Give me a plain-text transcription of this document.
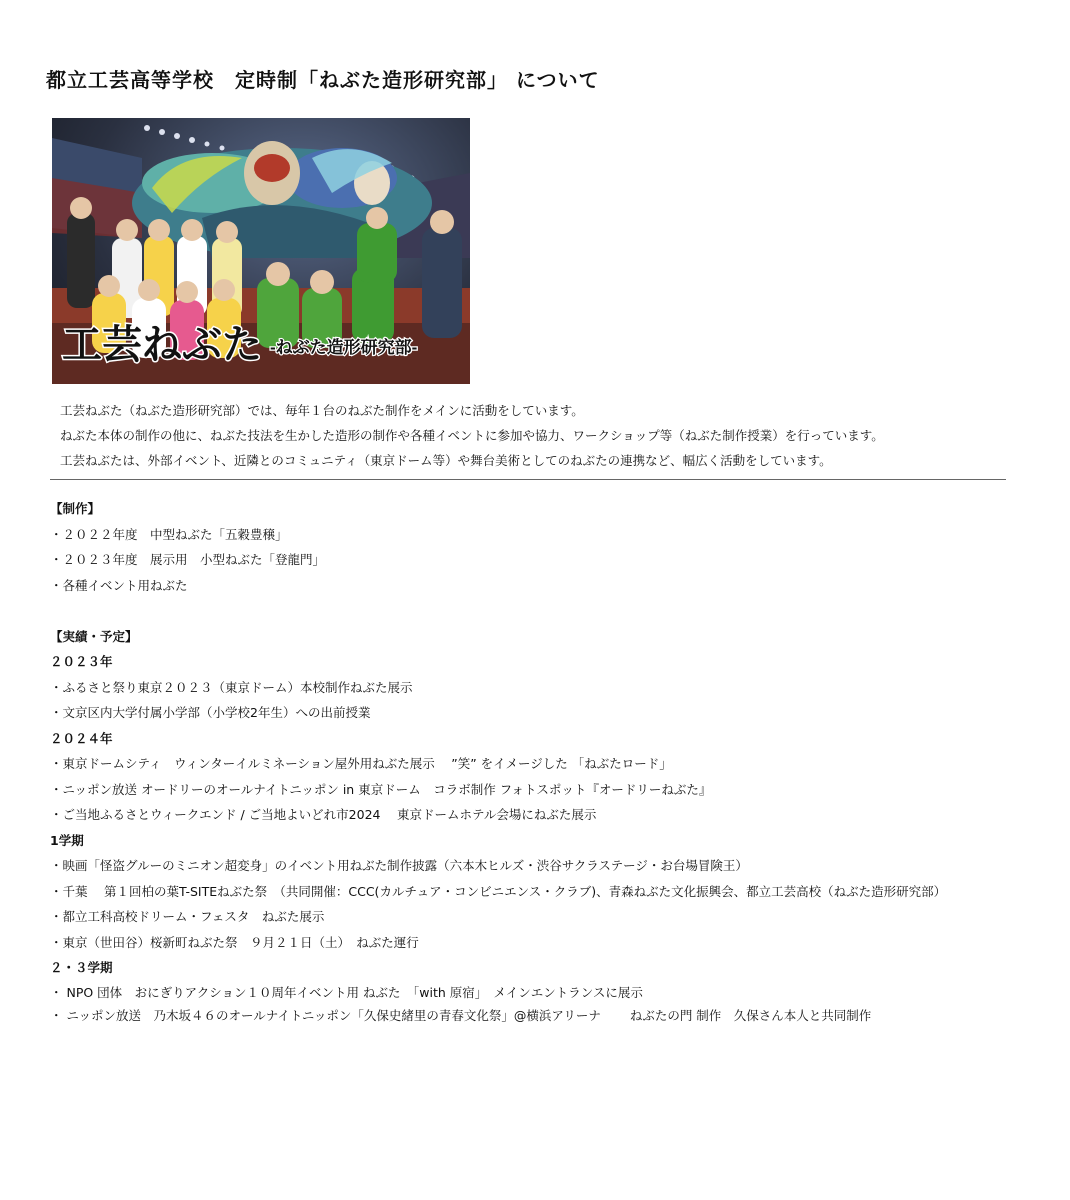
都立工芸高等学校　定時制「ねぶた造形研究部」 について
工芸ねぶた -ねぶた造形研究部-
工芸ねぶた（ねぶた造形研究部）では、毎年１台のねぶた制作をメインに活動をしています。
ねぶた本体の制作の他に、ねぶた技法を生かした造形の制作や各種イベントに参加や協力、ワークショップ等（ねぶた制作授業）を行っています。
工芸ねぶたは、外部イベント、近隣とのコミュニティ（東京ドーム等）や舞台美術としてのねぶたの連携など、幅広く活動をしています。
【制作】
・２０２２年度　中型ねぶた「五穀豊穣」
・２０２３年度　展示用　小型ねぶた「登龍門」
・各種イベント用ねぶた
【実績・予定】
２０２３年
・ふるさと祭り東京２０２３（東京ドーム）本校制作ねぶた展示
・文京区内大学付属小学部（小学校2年生）への出前授業
２０２４年
・東京ドームシティ　ウィンターイルミネーション屋外用ねぶた展示　 ”笑” をイメージした 「ねぶたロード」
・ニッポン放送 オードリーのオールナイトニッポン in 東京ドーム　コラボ制作 フォトスポット『オードリーねぶた』
・ご当地ふるさとウィークエンド / ご当地よいどれ市2024　 東京ドームホテル会場にねぶた展示
1学期
・映画「怪盗グルーのミニオン超変身」のイベント用ねぶた制作披露（六本木ヒルズ・渋谷サクラステージ・お台場冒険王）
・千葉　 第１回柏の葉T-SITEねぶた祭　（共同開催：CCC(カルチュア・コンビニエンス・クラブ)、青森ねぶた文化振興会、都立工芸高校（ねぶた造形研究部）
・都立工科高校ドリーム・フェスタ　ねぶた展示
・東京（世田谷）桜新町ねぶた祭　９月２１日（土）　ねぶた運行
２・３学期
・ NPO 団体　おにぎりアクション１０周年イベント用 ねぶた　「with 原宿」　メインエントランスに展示
・ ニッポン放送　乃木坂４６のオールナイトニッポン「久保史緒里の青春文化祭」@横浜アリーナ　　 ねぶたの門 制作　久保さん本人と共同制作
